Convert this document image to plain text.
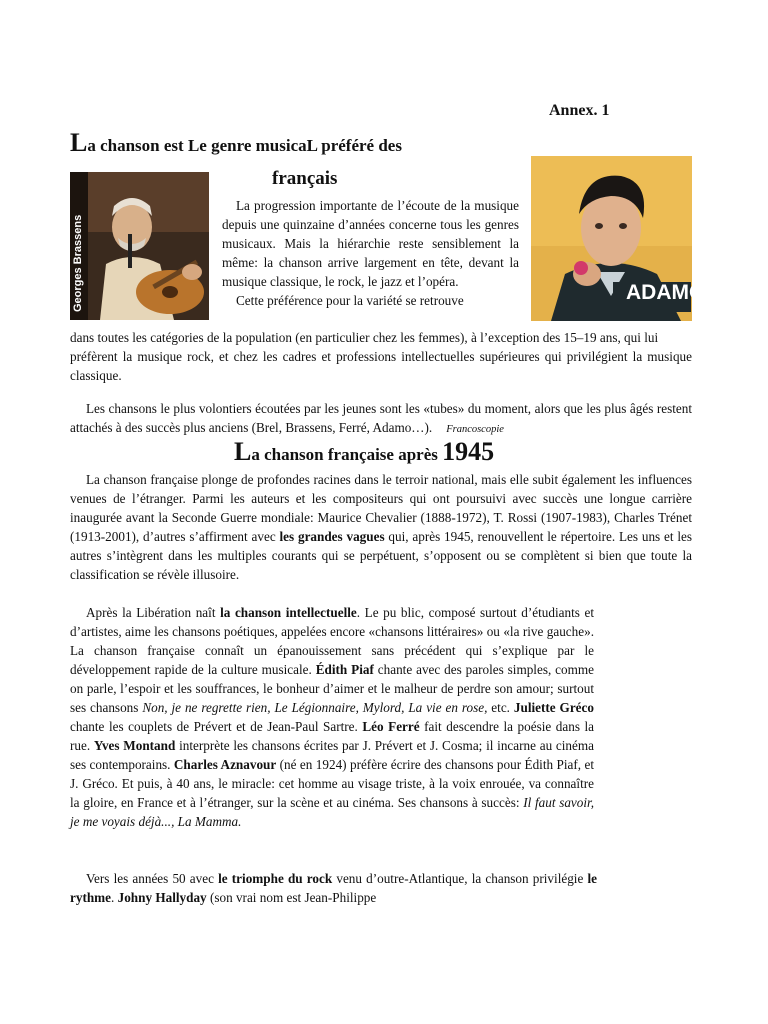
Annex. 1
La chanson est Le genre musicaL préféré des
français
Georges Brassens	ADAMO
La progression importante de l’écoute de la musique depuis une quinzaine d’années concerne tous les genres musicaux. Mais la hiérarchie reste sensiblement la même: la chanson arrive largement en tête, devant la musique classique, le rock, le jazz et l’opéra.
Cette préférence pour la variété se retrouve
dans toutes les catégories de la population (en particulier chez les femmes), à l’exception des 15–19 ans, qui lui
préfèrent la musique rock, et chez les cadres et professions intellectuelles supérieures qui privilégient la musique classique.
Les chansons le plus volontiers écoutées par les jeunes sont les «tubes» du moment, alors que les plus âgés restent attachés à des succès plus anciens (Brel, Brassens, Ferré, Adamo…). Francoscopie
La chanson française après 1945
La chanson française plonge de profondes racines dans le terroir national, mais elle subit également les influences venues de l’étranger. Parmi les auteurs et les compositeurs qui ont poursuivi avec succès une longue carrière inaugurée avant la Seconde Guerre mondiale: Maurice Chevalier (1888-1972), T. Rossi (1907-1983), Charles Trénet (1913-2001), d’autres s’affirment avec les grandes vagues qui, après 1945, renouvellent le répertoire. Les uns et les autres s’intègrent dans les multiples courants qui se perpétuent, s’opposent ou se complètent si bien que toute la classification se révèle illusoire.
Après la Libération naît la chanson intellectuelle. Le pu blic, composé surtout d’étudiants et d’artistes, aime les chansons poétiques, appelées encore «chansons littéraires» ou «la rive gauche». La chanson française connaît un épanouissement sans précédent qui s’explique par le développement rapide de la culture musicale. Édith Piaf chante avec des paroles simples, comme on parle, l’espoir et les souffrances, le bonheur d’aimer et le malheur de perdre son amour; surtout ses chansons Non, je ne regrette rien, Le Légionnaire, Mylord, La vie en rose, etc. Juliette Gréco chante les couplets de Prévert et de Jean-Paul Sartre. Léo Ferré fait descendre la poésie dans la rue. Yves Montand interprète les chansons écrites par J. Prévert et J. Cosma; il incarne au cinéma ses contemporains. Charles Aznavour (né en 1924) préfère écrire des chansons pour Édith Piaf, et J. Gréco. Et puis, à 40 ans, le miracle: cet homme au visage triste, à la voix enrouée, va connaître la gloire, en France et à l’étranger, sur la scène et au cinéma. Ses chansons à succès: Il faut savoir, je me voyais déjà..., La Mamma.
Vers les années 50 avec le triomphe du rock venu d’outre-Atlantique, la chanson privilégie le rythme. Johny Hallyday (son vrai nom est Jean-Philippe
